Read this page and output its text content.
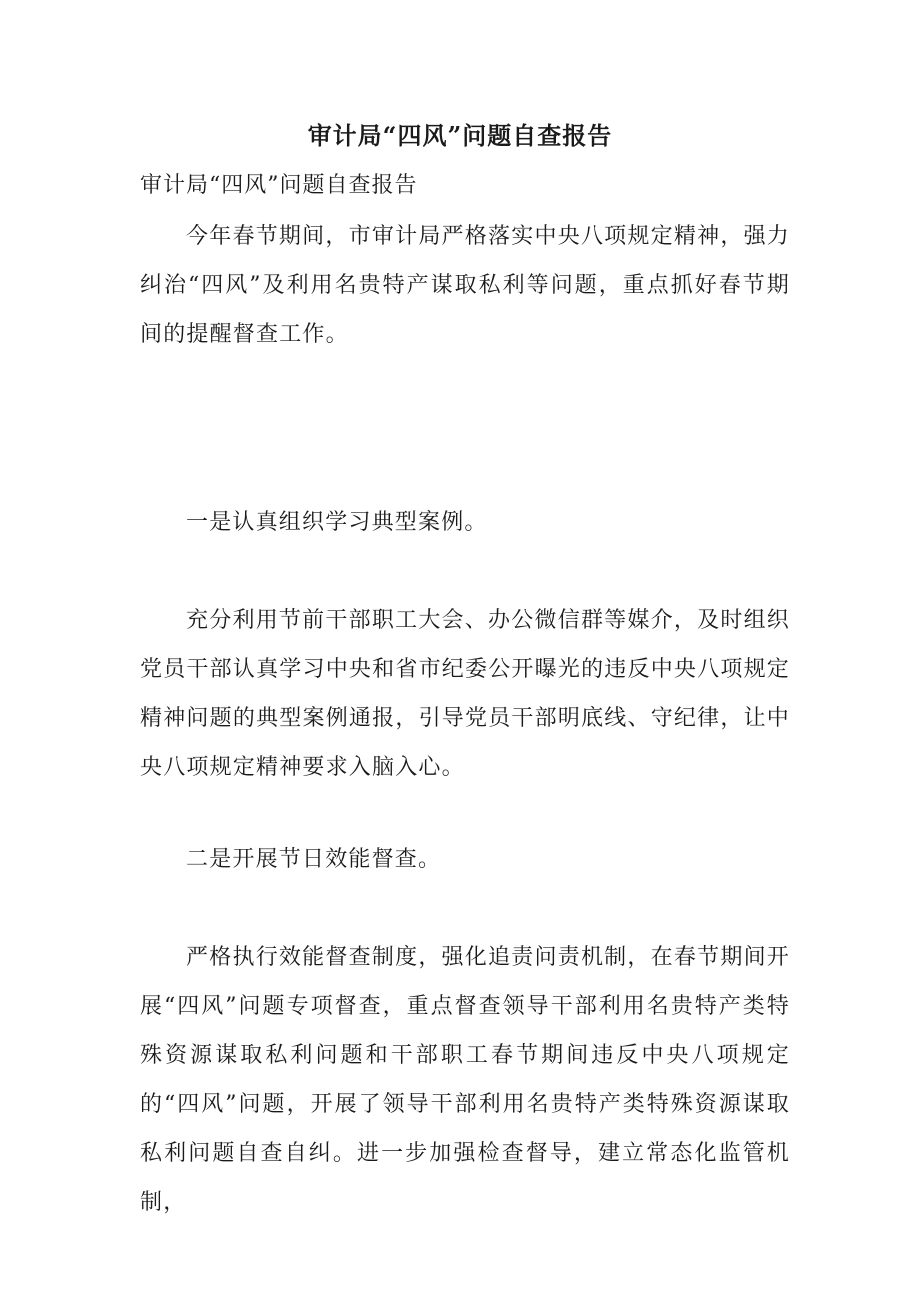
审计局“四风”问题自查报告

审计局“四风”问题自查报告

今年春节期间，市审计局严格落实中央八项规定精神，强力纠治“四风”及利用名贵特产谋取私利等问题，重点抓好春节期间的提醒督查工作。

一是认真组织学习典型案例。

充分利用节前干部职工大会、办公微信群等媒介，及时组织党员干部认真学习中央和省市纪委公开曝光的违反中央八项规定精神问题的典型案例通报，引导党员干部明底线、守纪律，让中央八项规定精神要求入脑入心。

二是开展节日效能督查。

严格执行效能督查制度，强化追责问责机制，在春节期间开展“四风”问题专项督查，重点督查领导干部利用名贵特产类特殊资源谋取私利问题和干部职工春节期间违反中央八项规定的“四风”问题，开展了领导干部利用名贵特产类特殊资源谋取私利问题自查自纠。进一步加强检查督导，建立常态化监管机制，
